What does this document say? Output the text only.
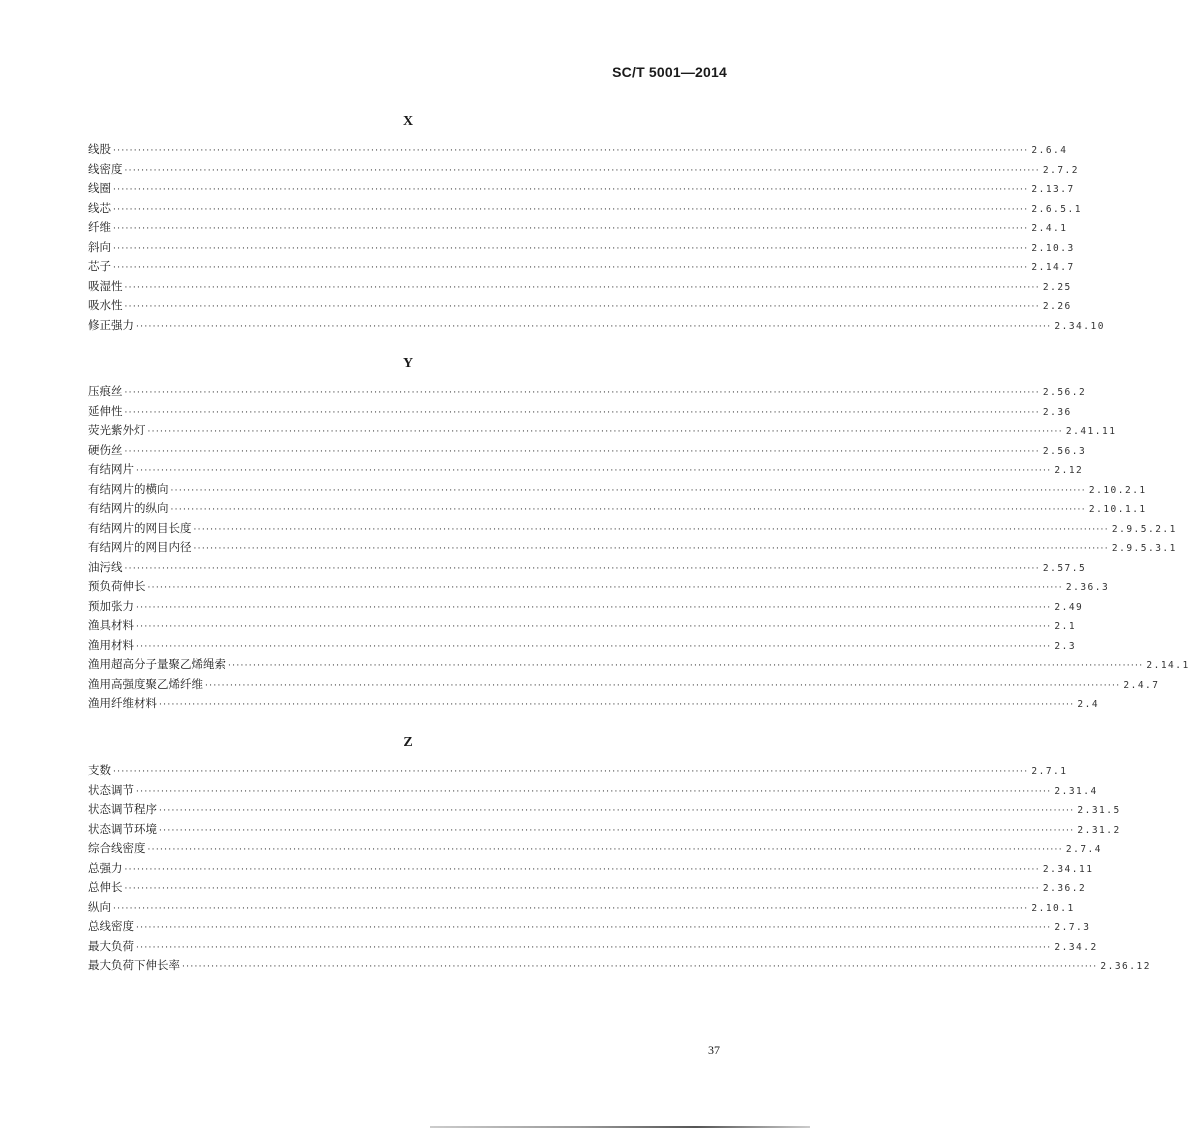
SC/T 5001—2014
X
线股 ···························································································································································································································· 2.6.4
线密度 ···························································································································································································································· 2.7.2
线圈 ···························································································································································································································· 2.13.7
线芯 ···························································································································································································································· 2.6.5.1
纤维 ···························································································································································································································· 2.4.1
斜向 ···························································································································································································································· 2.10.3
芯子 ···························································································································································································································· 2.14.7
吸湿性 ···························································································································································································································· 2.25
吸水性 ···························································································································································································································· 2.26
修正强力 ···························································································································································································································· 2.34.10
Y
压痕丝 ···························································································································································································································· 2.56.2
延伸性 ···························································································································································································································· 2.36
荧光紫外灯 ···························································································································································································································· 2.41.11
硬伤丝 ···························································································································································································································· 2.56.3
有结网片 ···························································································································································································································· 2.12
有结网片的横向 ···························································································································································································································· 2.10.2.1
有结网片的纵向 ···························································································································································································································· 2.10.1.1
有结网片的网目长度 ···························································································································································································································· 2.9.5.2.1
有结网片的网目内径 ···························································································································································································································· 2.9.5.3.1
油污线 ···························································································································································································································· 2.57.5
预负荷伸长 ···························································································································································································································· 2.36.3
预加张力 ···························································································································································································································· 2.49
渔具材料 ···························································································································································································································· 2.1
渔用材料 ···························································································································································································································· 2.3
渔用超高分子量聚乙烯绳索 ···························································································································································································································· 2.14.1
渔用高强度聚乙烯纤维 ···························································································································································································································· 2.4.7
渔用纤维材料 ···························································································································································································································· 2.4
Z
支数 ···························································································································································································································· 2.7.1
状态调节 ···························································································································································································································· 2.31.4
状态调节程序 ···························································································································································································································· 2.31.5
状态调节环境 ···························································································································································································································· 2.31.2
综合线密度 ···························································································································································································································· 2.7.4
总强力 ···························································································································································································································· 2.34.11
总伸长 ···························································································································································································································· 2.36.2
纵向 ···························································································································································································································· 2.10.1
总线密度 ···························································································································································································································· 2.7.3
最大负荷 ···························································································································································································································· 2.34.2
最大负荷下伸长率 ···························································································································································································································· 2.36.12
37
